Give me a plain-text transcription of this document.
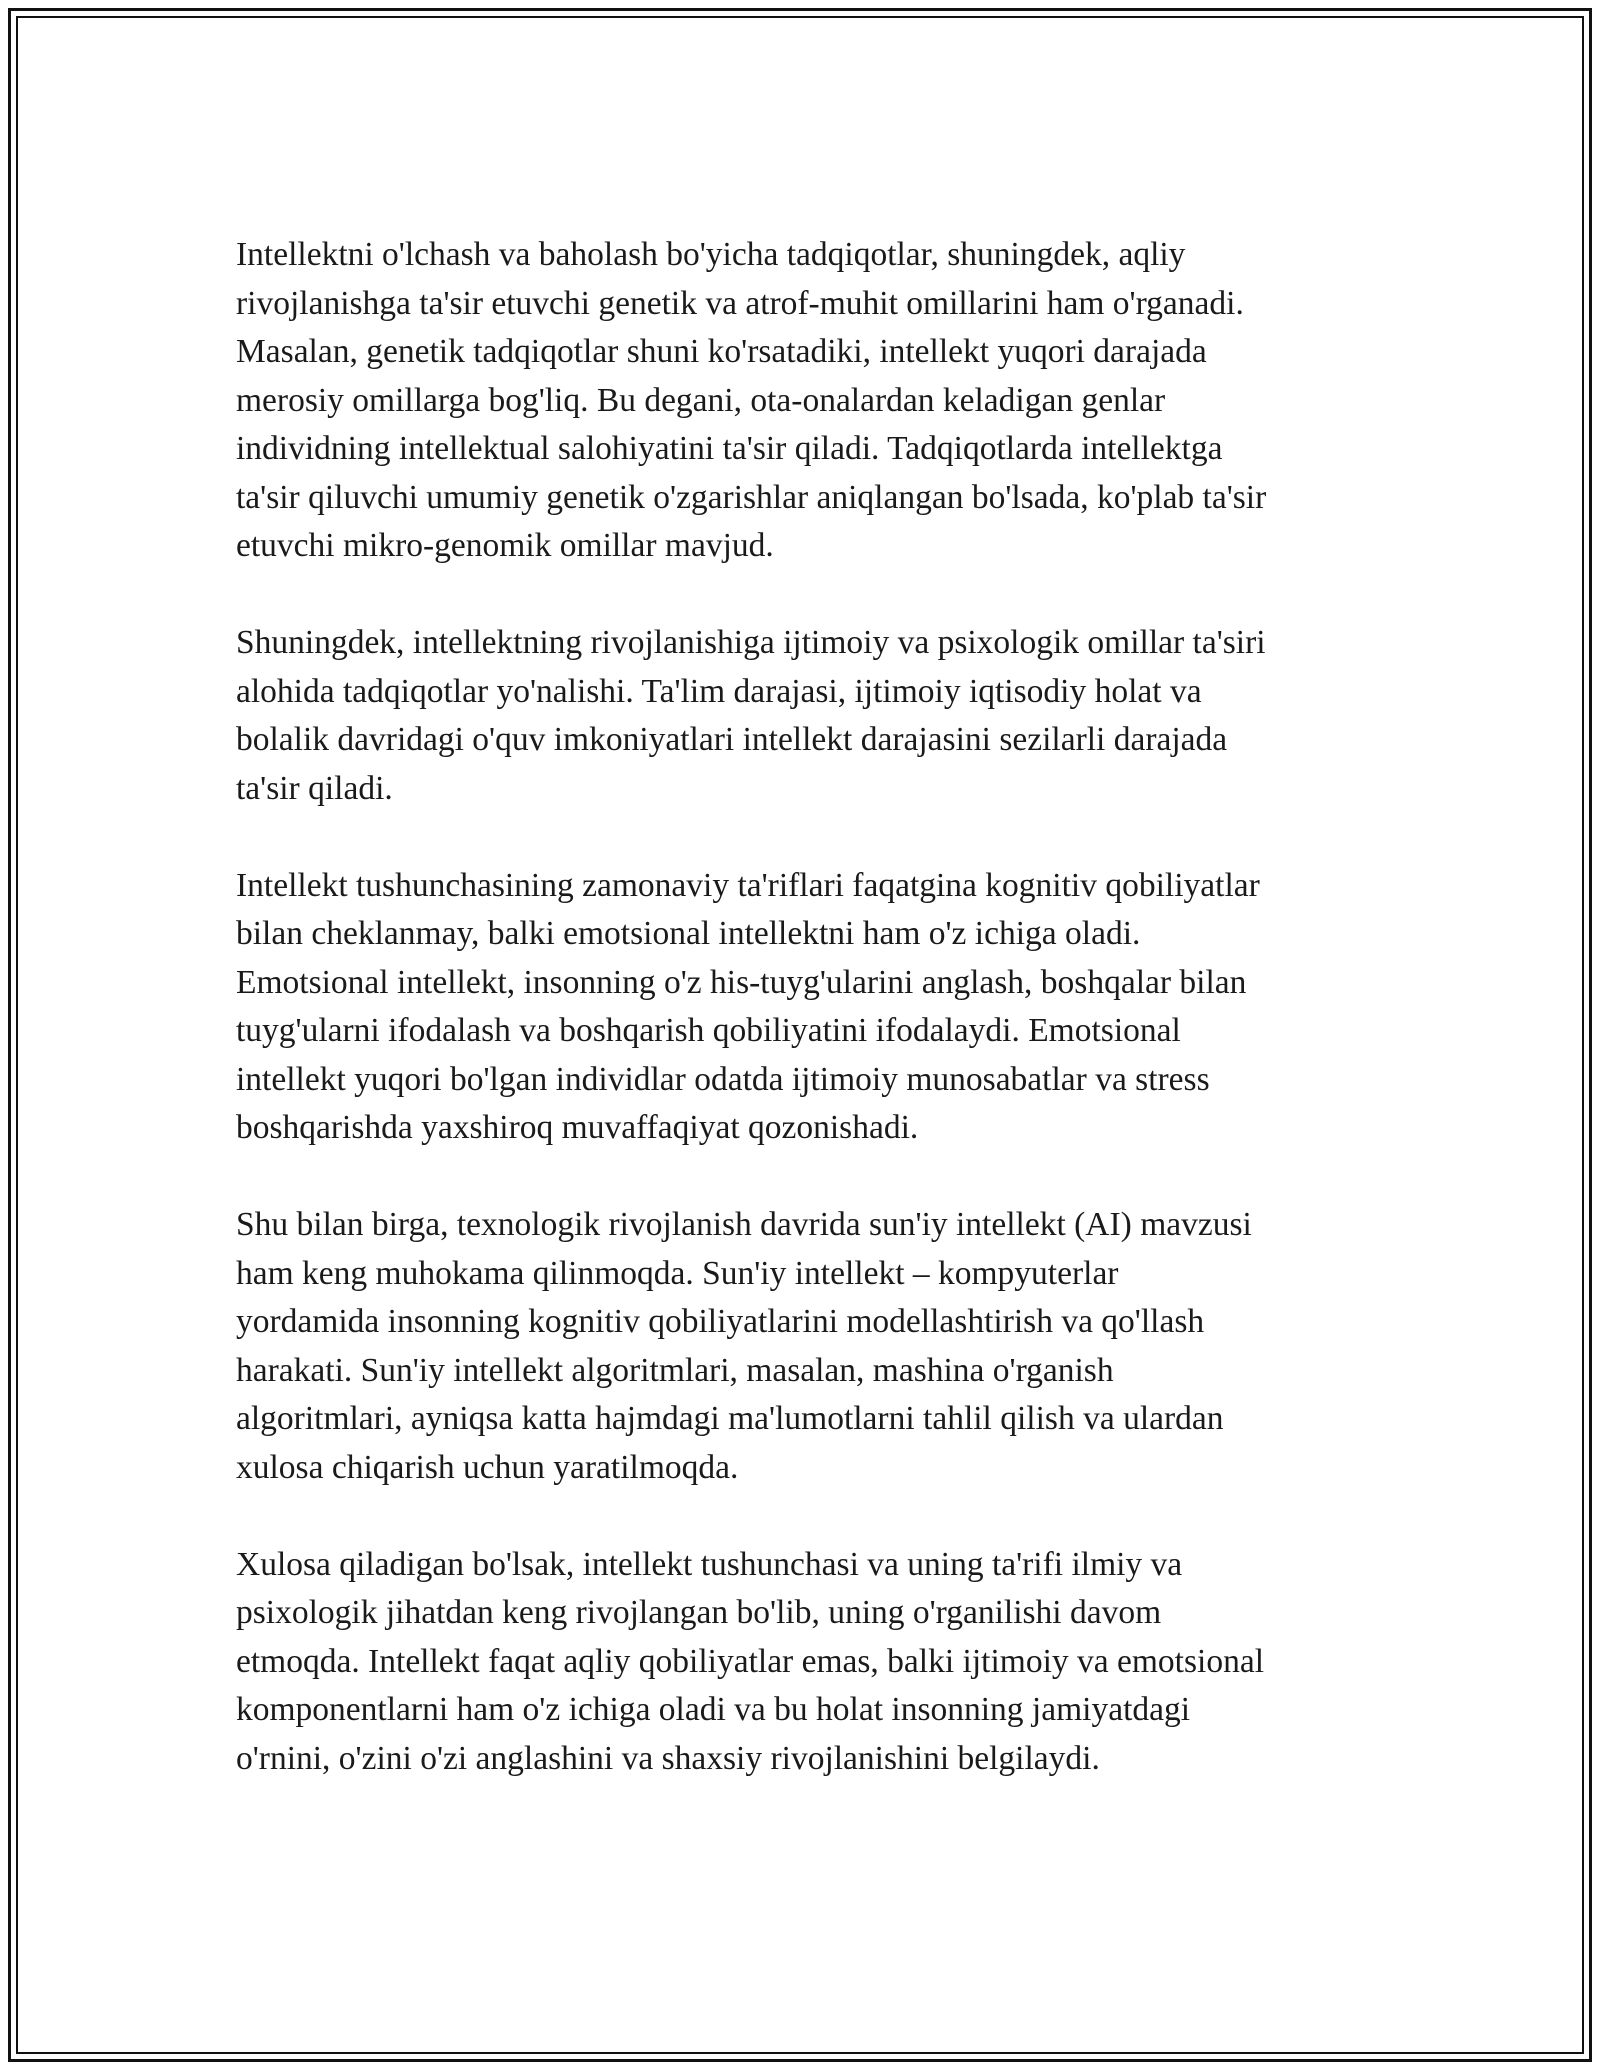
Intellektni o'lchash va baholash bo'yicha tadqiqotlar, shuningdek, aqliy
rivojlanishga ta'sir etuvchi genetik va atrof-muhit omillarini ham o'rganadi.
Masalan, genetik tadqiqotlar shuni ko'rsatadiki, intellekt yuqori darajada
merosiy omillarga bog'liq. Bu degani, ota-onalardan keladigan genlar
individning intellektual salohiyatini ta'sir qiladi. Tadqiqotlarda intellektga
ta'sir qiluvchi umumiy genetik o'zgarishlar aniqlangan bo'lsada, ko'plab ta'sir
etuvchi mikro-genomik omillar mavjud.

Shuningdek, intellektning rivojlanishiga ijtimoiy va psixologik omillar ta'siri
alohida tadqiqotlar yo'nalishi. Ta'lim darajasi, ijtimoiy iqtisodiy holat va
bolalik davridagi o'quv imkoniyatlari intellekt darajasini sezilarli darajada
ta'sir qiladi.

Intellekt tushunchasining zamonaviy ta'riflari faqatgina kognitiv qobiliyatlar
bilan cheklanmay, balki emotsional intellektni ham o'z ichiga oladi.
Emotsional intellekt, insonning o'z his-tuyg'ularini anglash, boshqalar bilan
tuyg'ularni ifodalash va boshqarish qobiliyatini ifodalaydi. Emotsional
intellekt yuqori bo'lgan individlar odatda ijtimoiy munosabatlar va stress
boshqarishda yaxshiroq muvaffaqiyat qozonishadi.

Shu bilan birga, texnologik rivojlanish davrida sun'iy intellekt (AI) mavzusi
ham keng muhokama qilinmoqda. Sun'iy intellekt – kompyuterlar
yordamida insonning kognitiv qobiliyatlarini modellashtirish va qo'llash
harakati. Sun'iy intellekt algoritmlari, masalan, mashina o'rganish
algoritmlari, ayniqsa katta hajmdagi ma'lumotlarni tahlil qilish va ulardan
xulosa chiqarish uchun yaratilmoqda.

Xulosa qiladigan bo'lsak, intellekt tushunchasi va uning ta'rifi ilmiy va
psixologik jihatdan keng rivojlangan bo'lib, uning o'rganilishi davom
etmoqda. Intellekt faqat aqliy qobiliyatlar emas, balki ijtimoiy va emotsional
komponentlarni ham o'z ichiga oladi va bu holat insonning jamiyatdagi
o'rnini, o'zini o'zi anglashini va shaxsiy rivojlanishini belgilaydi.
